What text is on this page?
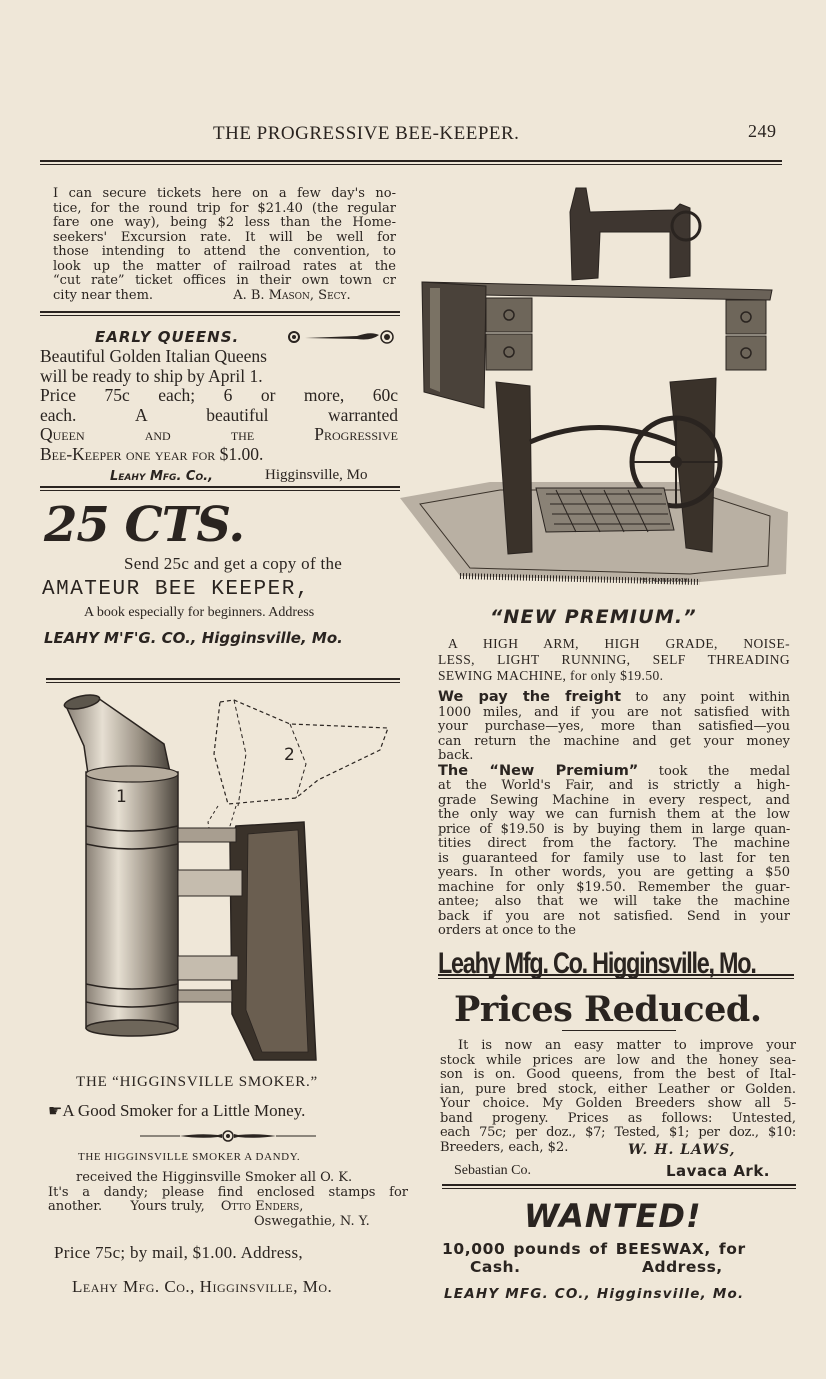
THE PROGRESSIVE BEE-KEEPER.	249
I can secure tickets here on a few day's no-
tice, for the round trip for $21.40 (the regular
fare one way), being $2 less than the Home-
seekers' Excursion rate. It will be well for
those intending to attend the convention, to
look up the matter of railroad rates at the
“cut rate” ticket offices in their own town cr
city near them.	A. B. Mason, Secy.
EARLY QUEENS.
Beautiful Golden Italian Queens
will be ready to ship by April 1.
Price 75c each; 6 or more, 60c
each. A beautiful warranted
Queen and the Progressive
Bee-Keeper one year for $1.00.
Leahy Mfg. Co.,	Higginsville, Mo
25 CTS.
Send 25c and get a copy of the
AMATEUR BEE KEEPER,
A book especially for beginners. Address
LEAHY M'F'G. CO., Higginsville, Mo.
1
2
THE “HIGGINSVILLE SMOKER.”
☛A Good Smoker for a Little Money.
THE HIGGINSVILLE SMOKER A DANDY.
received the Higginsville Smoker all O. K.
It's a dandy; please find enclosed stamps for
another. Yours truly, Otto Enders,
Oswegathie, N. Y.
Price 75c; by mail, $1.00. Address,
Leahy Mfg. Co., Higginsville, Mo.
F.E.CALKINS CO.CHI.
“NEW PREMIUM.”
A HIGH ARM, HIGH GRADE, NOISE-
LESS, LIGHT RUNNING, SELF THREADING
SEWING MACHINE, for only $19.50.
We pay the freight to any point within
1000 miles, and if you are not satisfied with
your purchase—yes, more than satisfied—you
can return the machine and get your money
back.
The “New Premium” took the medal
at the World's Fair, and is strictly a high-
grade Sewing Machine in every respect, and
the only way we can furnish them at the low
price of $19.50 is by buying them in large quan-
tities direct from the factory. The machine
is guaranteed for family use to last for ten
years. In other words, you are getting a $50
machine for only $19.50. Remember the guar-
antee; also that we will take the machine
back if you are not satisfied. Send in your
orders at once to the
Leahy Mfg. Co. Higginsville, Mo.
Prices Reduced.
It is now an easy matter to improve your
stock while prices are low and the honey sea-
son is on. Good queens, from the best of Ital-
ian, pure bred stock, either Leather or Golden.
Your choice. My Golden Breeders show all 5-
band progeny. Prices as follows: Untested,
each 75c; per doz., $7; Tested, $1; per doz., $10:
Breeders, each, $2.	W. H. LAWS,
Sebastian Co.	Lavaca Ark.
WANTED!
10,000 pounds of BEESWAX, for
Cash.	Address,
LEAHY MFG. CO., Higginsville, Mo.
